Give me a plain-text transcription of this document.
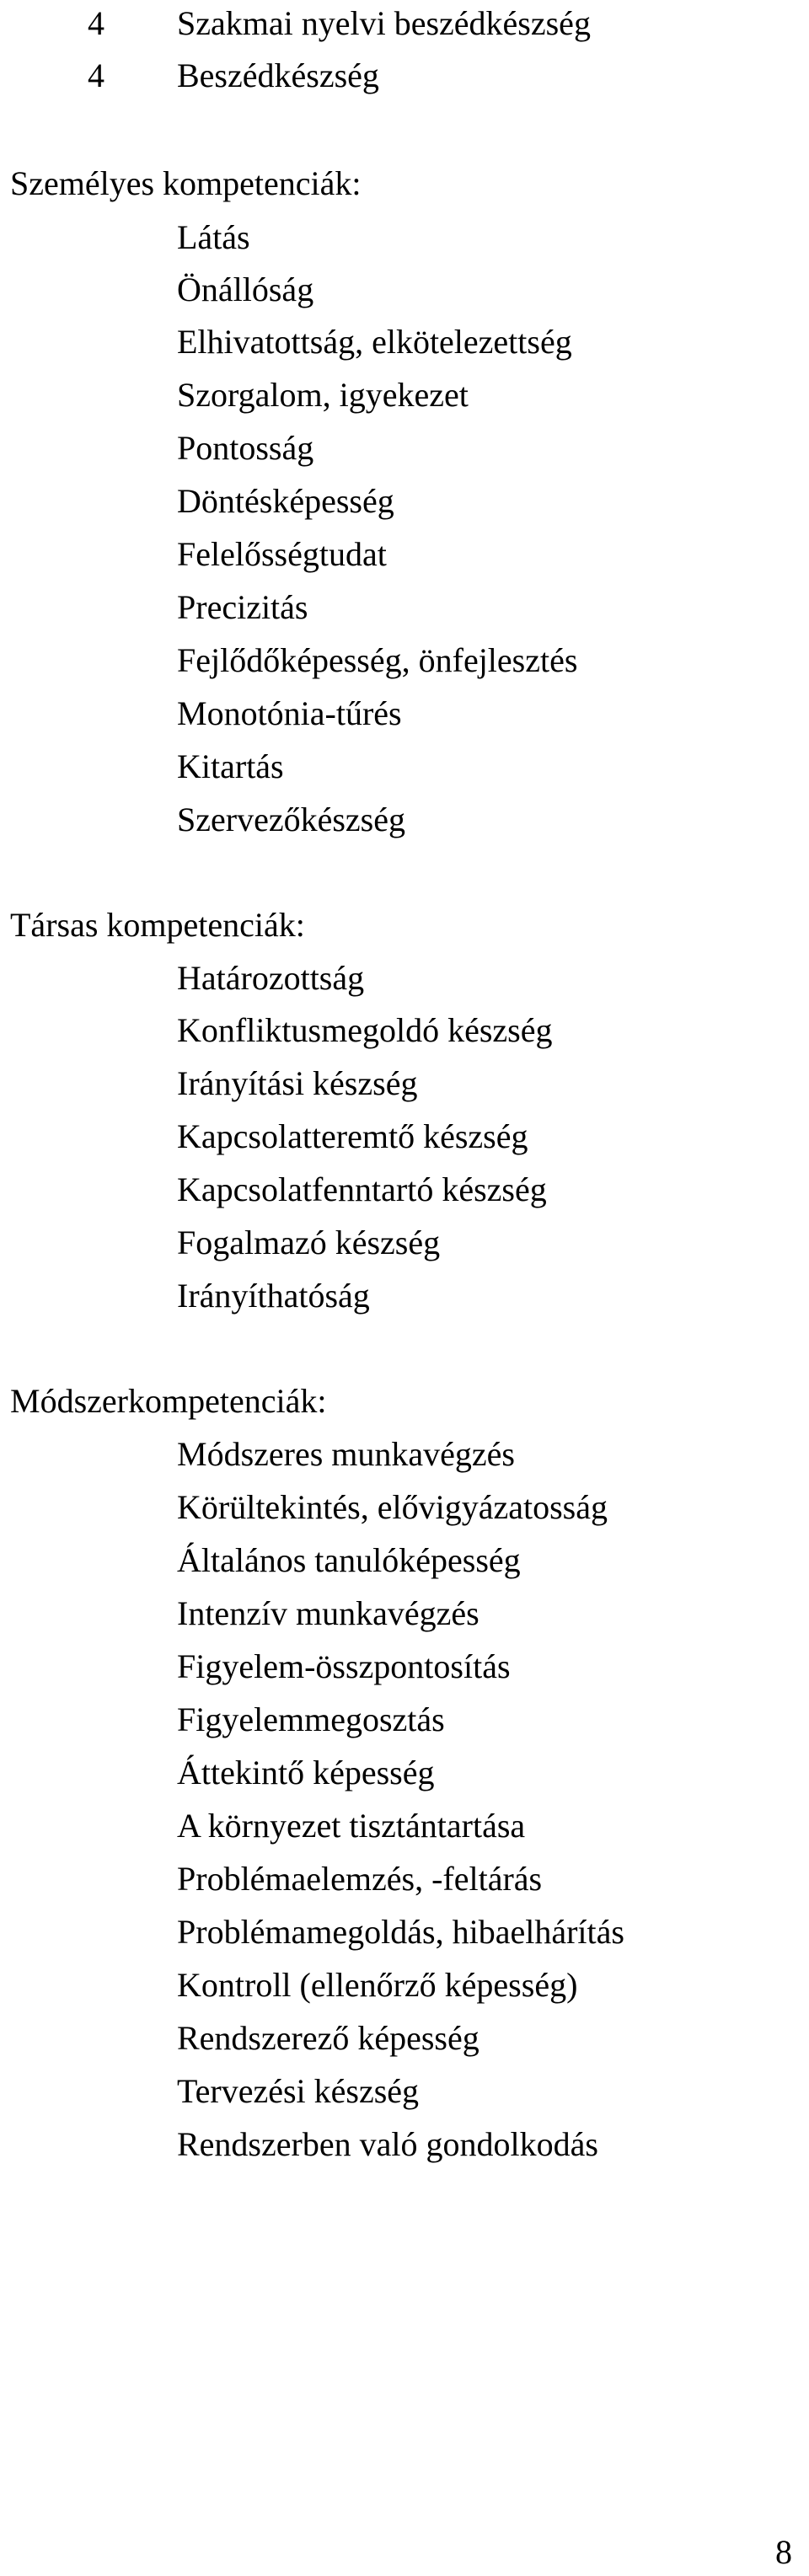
4 Szakmai nyelvi beszédkészség
4 Beszédkészség
Személyes kompetenciák:
Látás
Önállóság
Elhivatottság, elkötelezettség
Szorgalom, igyekezet
Pontosság
Döntésképesség
Felelősségtudat
Precizitás
Fejlődőképesség, önfejlesztés
Monotónia-tűrés
Kitartás
Szervezőkészség
Társas kompetenciák:
Határozottság
Konfliktusmegoldó készség
Irányítási készség
Kapcsolatteremtő készség
Kapcsolatfenntartó készség
Fogalmazó készség
Irányíthatóság
Módszerkompetenciák:
Módszeres munkavégzés
Körültekintés, elővigyázatosság
Általános tanulóképesség
Intenzív munkavégzés
Figyelem-összpontosítás
Figyelemmegosztás
Áttekintő képesség
A környezet tisztántartása
Problémaelemzés, -feltárás
Problémamegoldás, hibaelhárítás
Kontroll (ellenőrző képesség)
Rendszerező képesség
Tervezési készség
Rendszerben való gondolkodás
8
